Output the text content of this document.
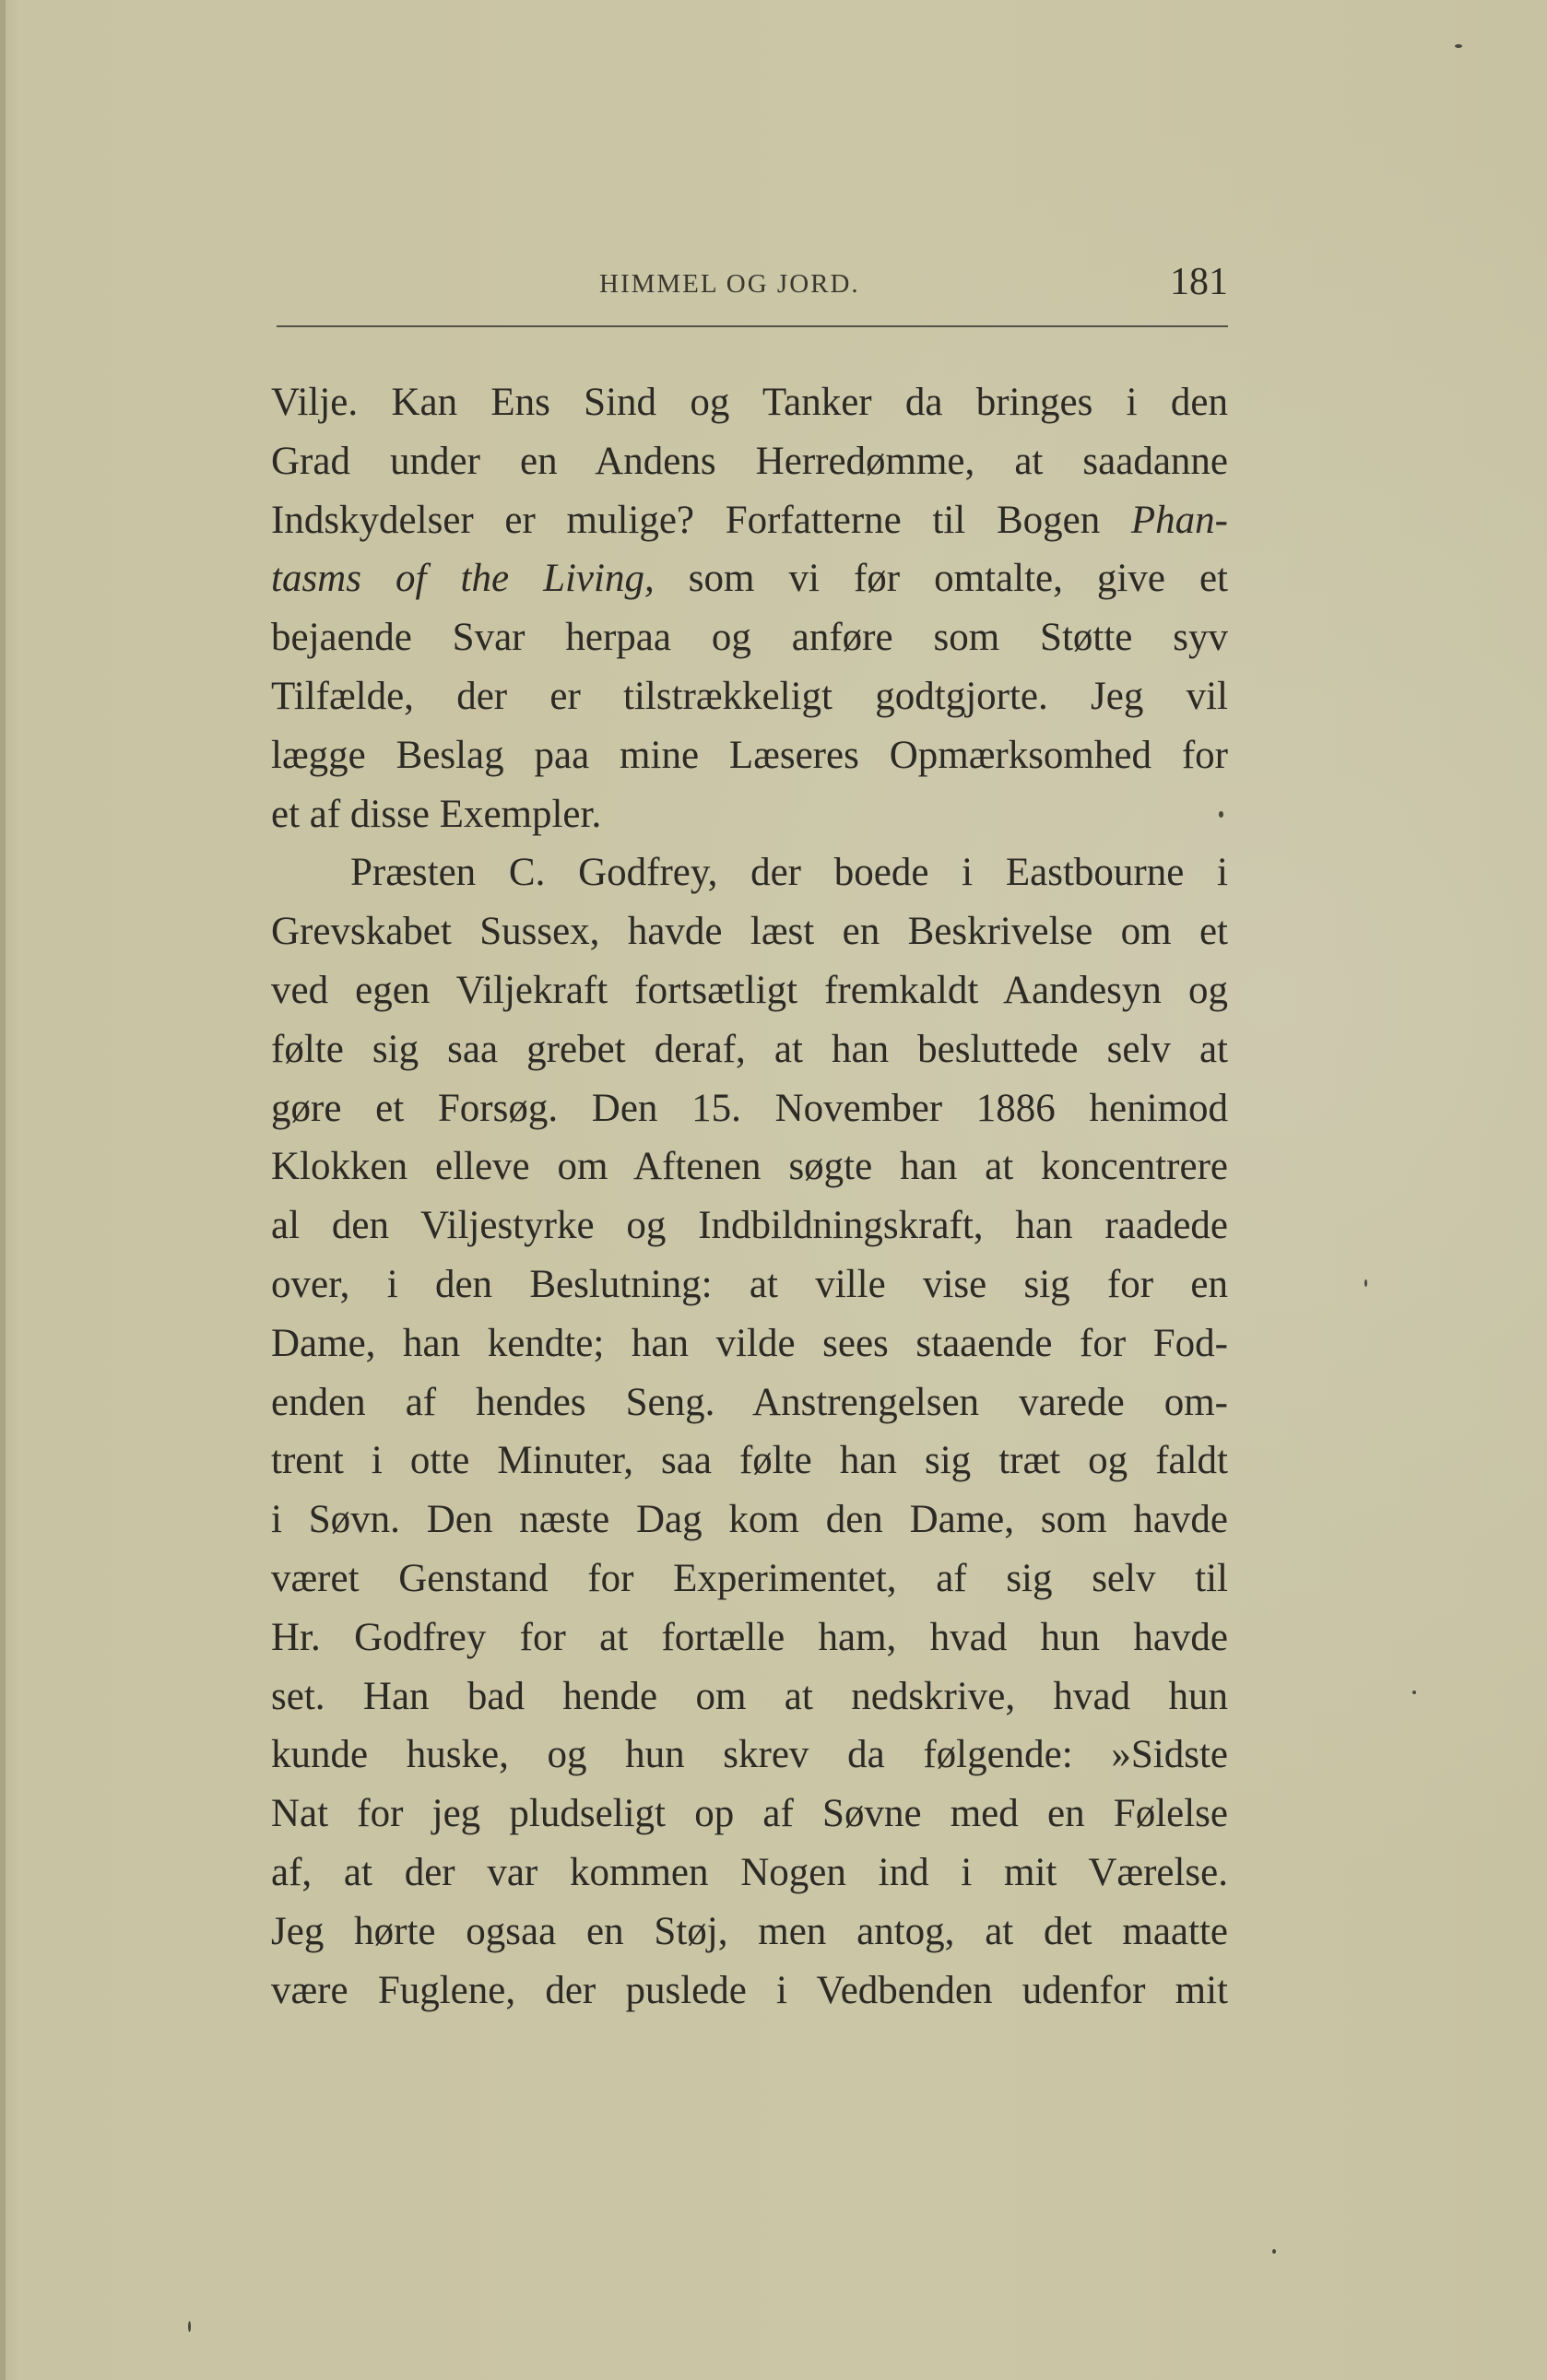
HIMMEL OG JORD.	181
Vilje. Kan Ens Sind og Tanker da bringes i den
Grad under en Andens Herredømme, at saadanne
Indskydelser er mulige? Forfatterne til Bogen Phan-
tasms of the Living, som vi før omtalte, give et
bejaende Svar herpaa og anføre som Støtte syv
Tilfælde, der er tilstrækkeligt godtgjorte. Jeg vil
lægge Beslag paa mine Læseres Opmærksomhed for
et af disse Exempler.
Præsten C. Godfrey, der boede i Eastbourne i
Grevskabet Sussex, havde læst en Beskrivelse om et
ved egen Viljekraft fortsætligt fremkaldt Aandesyn og
følte sig saa grebet deraf, at han besluttede selv at
gøre et Forsøg. Den 15. November 1886 henimod
Klokken elleve om Aftenen søgte han at koncentrere
al den Viljestyrke og Indbildningskraft, han raadede
over, i den Beslutning: at ville vise sig for en
Dame, han kendte; han vilde sees staaende for Fod-
enden af hendes Seng. Anstrengelsen varede om-
trent i otte Minuter, saa følte han sig træt og faldt
i Søvn. Den næste Dag kom den Dame, som havde
været Genstand for Experimentet, af sig selv til
Hr. Godfrey for at fortælle ham, hvad hun havde
set. Han bad hende om at nedskrive, hvad hun
kunde huske, og hun skrev da følgende: »Sidste
Nat for jeg pludseligt op af Søvne med en Følelse
af, at der var kommen Nogen ind i mit Værelse.
Jeg hørte ogsaa en Støj, men antog, at det maatte
være Fuglene, der puslede i Vedbenden udenfor mit
